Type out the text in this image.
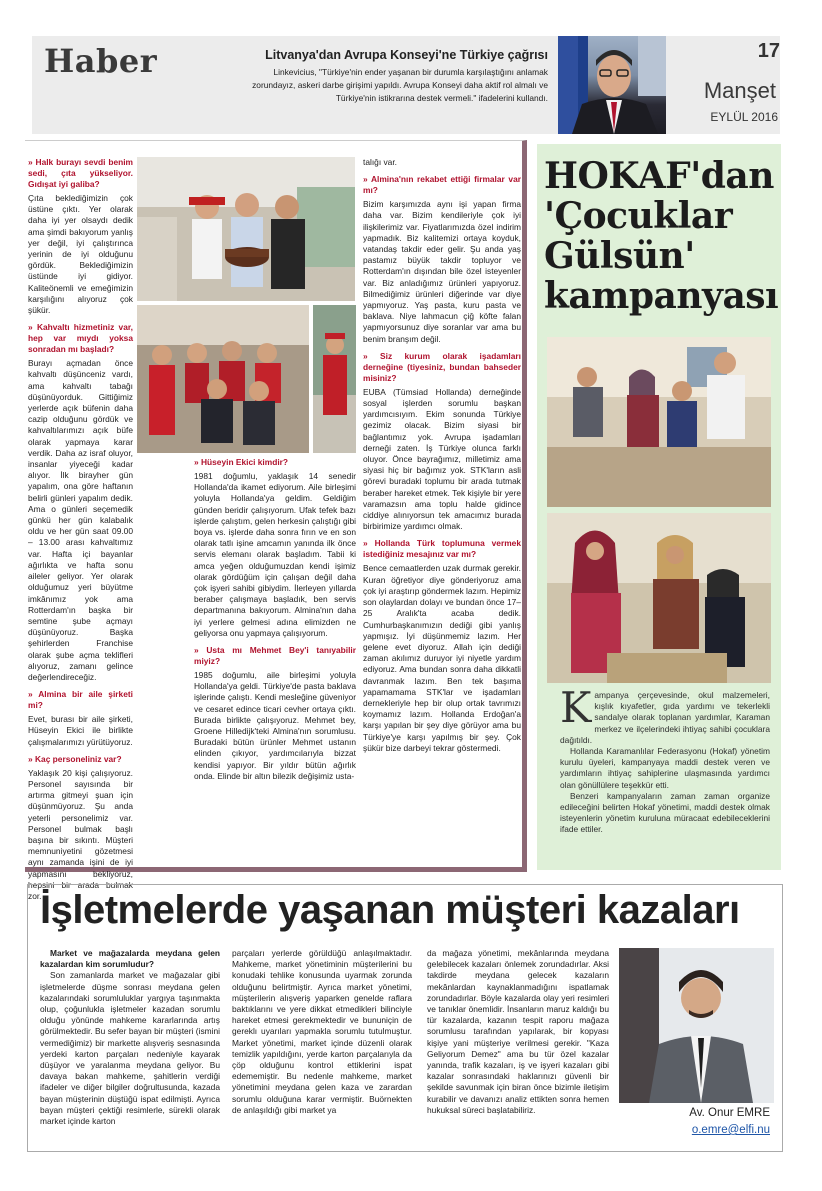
Haber	Litvanya'dan Avrupa Konseyi'ne Türkiye çağrısı
Linkevicius, "Türkiye'nin ender yaşanan bir durumla karşılaştığını anlamak zorundayız, askeri darbe girişimi yapıldı. Avrupa Konseyi daha aktif rol almalı ve Türkiye'nin istikrarına destek vermeli." ifadelerini kullandı.
17
Manşet
EYLÜL 2016
» Halk burayı sevdi benim sedi, çıta yükseliyor. Gıdışat iyi galiba?

Çıta beklediğimizin çok üstüne çıktı. Yer olarak daha iyi yer olsaydı dedik ama şimdi bakıyorum yanlış yer değil, iyi çalıştırınca yerinin de iyi olduğunu gördük. Beklediğimizin üstünde iyi gidiyor. Kaliteönemli ve emeğimizin karşılığını alıyoruz çok şükür.

» Kahvaltı hizmetiniz var, hep var mıydı yoksa sonradan mı başladı?

Burayı açmadan önce kahvaltı düşünceniz vardı, ama kahvaltı tabağı düşünüyorduk. Gittiğimiz yerlerde açık büfenin daha cazip olduğunu gördük ve kahvaltılarımızı açık büfe olarak yapmaya karar verdik. Daha az israf oluyor, insanlar yiyeceği kadar alıyor. İlk birayher gün yapalım, ona göre haftanın belirli günleri yapalım dedik. Ama o günleri seçemedik günkü her gün kalabalık oldu ve her gün saat 09.00 – 13.00 arası kahvaltımız var. Hafta içi bayanlar ağırlıkta ve hafta sonu aileler geliyor. Yer olarak olduğumuz yeri büyütme imkânımız yok ama Rotterdam'ın başka bir semtine şube açmayı düşünüyoruz. Başka şehirlerden Franchise olarak şube açma teklifleri alıyoruz, zamanı gelince değerlendireceğiz.

» Almina bir aile şirketi mi?

Evet, burası bir aile şirketi, Hüseyin Ekici ile birlikte çalışmalarımızı yürütüyoruz.

» Kaç personeliniz var?

Yaklaşık 20 kişi çalışıyoruz. Personel sayısında bir artırma gitmeyi şuan için düşünmüyoruz. Şu anda yeterli personelimiz var. Personel bulmak başlı başına bir sıkıntı. Müşteri memnuniyetini gözetmesi aynı zamanda işini de iyi yapmasını bekliyoruz, hepsini bir arada bulmak zor.

» Hüseyin Ekici kimdir?

1981 doğumlu, yaklaşık 14 senedir Hollanda'da ikamet ediyorum. Aile birleşimi yoluyla Hollanda'ya geldim. Geldiğim günden beridir çalışıyorum. Ufak tefek bazı işlerde çalıştım, gelen herkesin çalıştığı gibi boya vs. işlerde daha sonra fırın ve en son olarak tatlı işine amcamın yanında ilk önce servis elemanı olarak başladım. Tabii ki amca yeğen olduğumuzdan kendi işimiz olarak gördüğüm için çalışan değil daha çok işyeri sahibi gibiydim. İlerleyen yıllarda beraber çalışmaya başladık, ben servis departmanına bakıyorum. Almina'nın daha iyi yerlere gelmesi adına elimizden ne geliyorsa onu yapmaya çalışıyorum.

» Usta mı Mehmet Bey'i tanıyabilir miyiz?

1985 doğumlu, aile birleşimi yoluyla Hollanda'ya geldi. Türkiye'de pasta baklava işlerinde çalıştı. Kendi mesleğine güveniyor ve cesaret edince ticari cevher ortaya çıktı. Burada birlikte çalışıyoruz. Mehmet bey, Groene Hilledijk'teki Almina'nın sorumlusu. Buradaki bütün ürünler Mehmet ustanın elinden çıkıyor, yardımcılarıyla bizzat kendisi yapıyor. Bir yıldır bütün ağırlık onda. Elinde bir altın bilezik değişimiz usta-

talığı var.

» Almina'nın rekabet ettiği firmalar var mı?

Bizim karşımızda aynı işi yapan firma daha var. Bizim kendileriyle çok iyi ilişkilerimiz var. Fiyatlarımızda özel indirim yapmadık. Biz kalitemizi ortaya koyduk, vatandaş takdir eder gelir. Şu anda yaş pastamız büyük takdir topluyor ve Rotterdam'ın dışından bile özel isteyenler var. Biz anladığımız ürünleri yapıyoruz. Bilmediğimiz ürünleri diğerinde var diye yapmıyoruz. Yaş pasta, kuru pasta ve baklava. Niye lahmacun çiğ köfte falan yapmıyorsunuz diye soranlar var ama bu benim branşım değil.

» Siz kurum olarak işadamları derneğine (tiyesiniz, bundan bahseder misiniz?

EUBA (Tümsiad Hollanda) derneğinde sosyal işlerden sorumlu başkan yardımcısıyım. Ekim sonunda Türkiye gezimiz olacak. Bizim siyasi bir bağlantımız yok. Avrupa işadamları derneği zaten. İş Türkiye olunca farklı oluyor. Önce bayrağımız, milletimiz ama siyasi hiç bir bağımız yok. STK'ların asli görevi buradaki toplumu bir arada tutmak beraber hareket etmek. Tek kişiyle bir yere varamazsın ama toplu halde gidince ciddiye alınıyorsun tek amacımız burada birbirimize yardımcı olmak.

» Hollanda Türk toplumuna vermek istediğiniz mesajınız var mı?

Bence cemaatlerden uzak durmak gerekir. Kuran öğretiyor diye gönderiyoruz ama çok iyi araştırıp göndermek lazım. Hepimiz son olaylardan dolayı ve bundan önce 17–25 Aralık'ta acaba dedik. Cumhurbaşkanımızın dediği gibi yanlış yapmışız. İyi düşünmemiz lazım. Her gelene evet diyoruz. Allah için dediği zaman akılımız duruyor iyi niyetle yardım ediyoruz. Ama bundan sonra daha dikkatli davranmak lazım. Ben tek başıma yapamamama STK'lar ve işadamları dernekleriyle hep bir olup ortak tavrımızı koymamız lazım. Hollanda Erdoğan'a karşı yapılan bir şey diye görüyor ama bu Türkiye'ye karşı yapılmış bir şey. Çok şükür bize darbeyi tekrar göstermedi.

HOKAF'dan 'Çocuklar Gülsün' kampanyası

Kampanya çerçevesinde, okul malzemeleri, kışlık kıyafetler, gıda yardımı ve tekerlekli sandalye olarak toplanan yardımlar, Karaman merkez ve ilçelerindeki ihtiyaç sahibi çocuklara dağıtıldı.

Hollanda Karamanlılar Federasyonu (Hokaf) yönetim kurulu üyeleri, kampanyaya maddi destek veren ve yardımların ihtiyaç sahiplerine ulaşmasında yardımcı olan gönüllülere teşekkür etti.

Benzeri kampanyaların zaman zaman organize edileceğini belirten Hokaf yönetimi, maddi destek olmak isteyenlerin yönetim kuruluna müracaat edebileceklerini ifade ettiler.

İşletmelerde yaşanan müşteri kazaları

Market ve mağazalarda meydana gelen kazalardan kim sorumludur?

Son zamanlarda market ve mağazalar gibi işletmelerde düşme sonrası meydana gelen kazalarındaki sorumluluklar yargıya taşınmakta olup, çoğunlukla işletmeler kazadan sorumlu olduğu yönünde mahkeme kararlarında artış görülmektedir. Bu sefer bayan bir müşteri (ismini vermediğimiz) bir markette alışveriş sesnasında yerdeki karton parçaları nedeniyle kayarak düşüyor ve yaralanma meydana geliyor. Bu davaya bakan mahkeme, şahitlerin verdiği ifadeler ve diğer bilgiler doğrultusunda, kazada bayan müşterinin düştüğü ispat edilmişti. Ayrıca bayan müşteri çektiği resimlerle, sürekli olarak market içinde karton

parçaları yerlerde görüldüğü anlaşılmaktadır. Mahkeme, market yönetiminin müşterilerini bu konudaki tehlike konusunda uyarmak zorunda olduğunu belirtmiştir. Ayrıca market yönetimi, müşterilerin alışveriş yaparken genelde raflara baktıklarını ve yere dikkat etmedikleri bilinciyle hareket etmesi gerekmektedir ve bununiçin de gereklı uyarıları yapmakla sorumlu tutulmuştur. Market yönetimi, market içinde düzenli olarak temizlik yapıldığını, yerde karton parçalarıyla da çöp olduğunu kontrol ettiklerini ispat edememiştir. Bu nedenle mahkeme, market yönetimini meydana gelen kaza ve zarardan sorumlu olduğuna karar vermiştir. Buörnekten de anlaşıldığı gibi market ya

da mağaza yönetimi, mekânlarında meydana gelebilecek kazaları önlemek zorundadırlar. Aksi takdirde meydana gelecek kazaların mekânlardan kaynaklanmadığını ispatlamak zorundadırlar. Böyle kazalarda olay yeri resimleri ve tanıklar önemlidir. İnsanların maruz kaldığı bu tür kazalarda, kazanın tespit raporu mağaza sorumlusu tarafından yapılarak, bir kopyası kişiye yani müşteriye verilmesi gerekir. "Kaza Geliyorum Demez" ama bu tür özel kazalar yanında, trafik kazaları, iş ve işyeri kazaları gibi kazalar sonrasındaki haklarınızı güvenli bir şekilde savunmak için biran önce bizimle iletişim kurabilir ve davanızı analiz ettikten sonra hemen hukuksal süreci başlatabiliriz.	Av. Onur EMRE
o.emre@elfi.nu
